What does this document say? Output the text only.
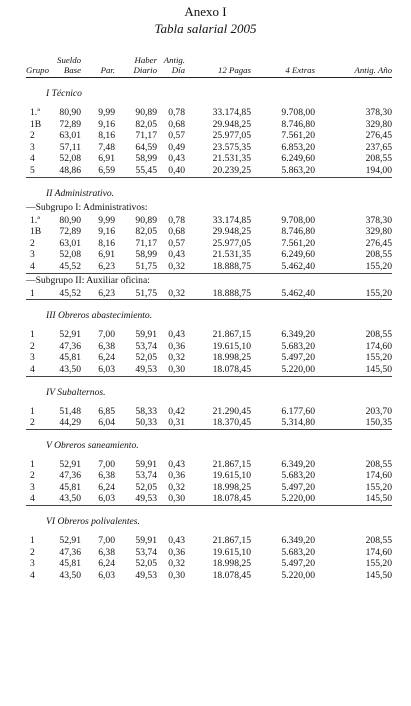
Anexo I
Tabla salarial 2005
Grupo	Sueldo Base	Par.	Haber Diario	Antig. Día	12 Pagas	4 Extras	Antig. Año
I Técnico							

1.ª	80,90	9,99	90,89	0,78	33.174,85	9.708,00	378,30
1B	72,89	9,16	82,05	0,68	29.948,25	8.746,80	329,80
2	63,01	8,16	71,17	0,57	25.977,05	7.561,20	276,45
3	57,11	7,48	64,59	0,49	23.575,35	6.853,20	237,65
4	52,08	6,91	58,99	0,43	21.531,35	6.249,60	208,55
5	48,86	6,59	55,45	0,40	20.239,25	5.863,20	194,00

II Administrativo.							
—Subgrupo I: Administrativos:							
1.ª	80,90	9,99	90,89	0,78	33.174,85	9.708,00	378,30
1B	72,89	9,16	82,05	0,68	29.948,25	8.746,80	329,80
2	63,01	8,16	71,17	0,57	25.977,05	7.561,20	276,45
3	52,08	6,91	58,99	0,43	21.531,35	6.249,60	208,55
4	45,52	6,23	51,75	0,32	18.888,75	5.462,40	155,20

—Subgrupo II: Auxiliar oficina:							
1	45,52	6,23	51,75	0,32	18.888,75	5.462,40	155,20

III Obreros abastecimiento.							

1	52,91	7,00	59,91	0,43	21.867,15	6.349,20	208,55
2	47,36	6,38	53,74	0,36	19.615,10	5.683,20	174,60
3	45,81	6,24	52,05	0,32	18.998,25	5.497,20	155,20
4	43,50	6,03	49,53	0,30	18.078,45	5.220,00	145,50

IV Subalternos.							

1	51,48	6,85	58,33	0,42	21.290,45	6.177,60	203,70
2	44,29	6,04	50,33	0,31	18.370,45	5.314,80	150,35

V Obreros saneamiento.							

1	52,91	7,00	59,91	0,43	21.867,15	6.349,20	208,55
2	47,36	6,38	53,74	0,36	19.615,10	5.683,20	174,60
3	45,81	6,24	52,05	0,32	18.998,25	5.497,20	155,20
4	43,50	6,03	49,53	0,30	18.078,45	5.220,00	145,50

VI Obreros polivalentes.							

1	52,91	7,00	59,91	0,43	21.867,15	6.349,20	208,55
2	47,36	6,38	53,74	0,36	19.615,10	5.683,20	174,60
3	45,81	6,24	52,05	0,32	18.998,25	5.497,20	155,20
4	43,50	6,03	49,53	0,30	18.078,45	5.220,00	145,50
